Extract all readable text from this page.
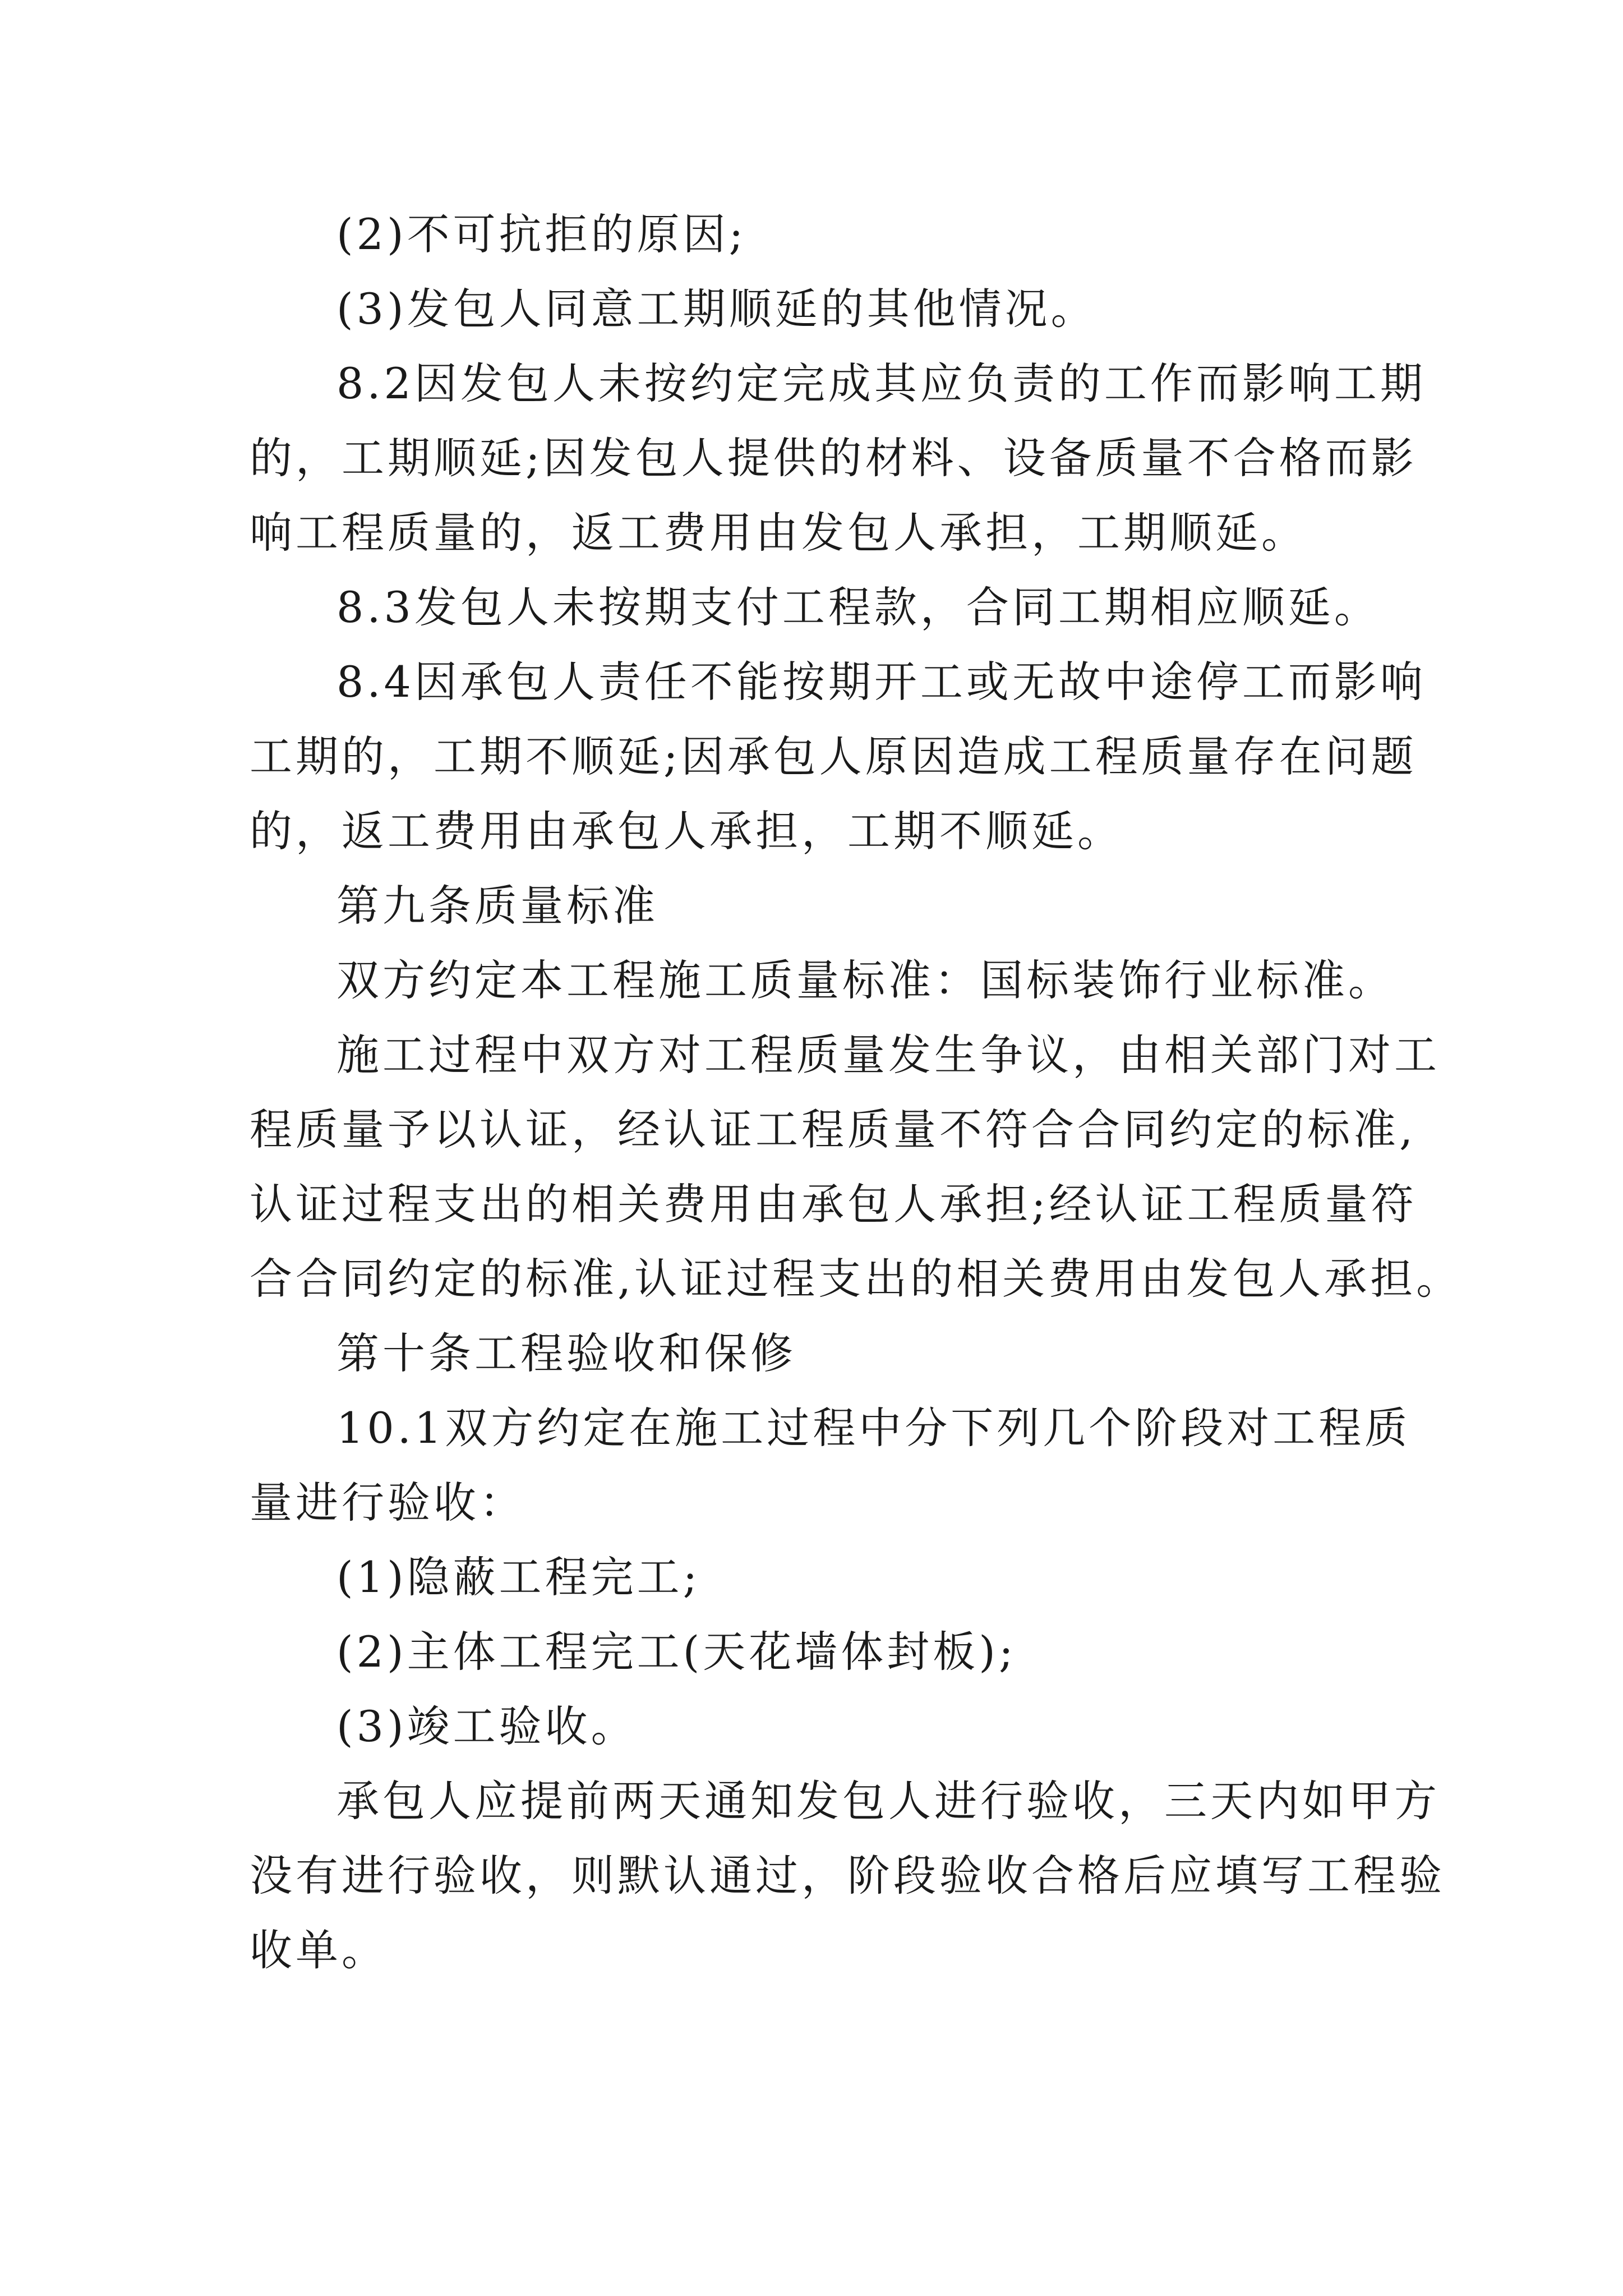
(2)不可抗拒的原因;
(3)发包人同意工期顺延的其他情况。
8.2因发包人未按约定完成其应负责的工作而影响工期
的，工期顺延;因发包人提供的材料、设备质量不合格而影
响工程质量的，返工费用由发包人承担，工期顺延。
8.3发包人未按期支付工程款，合同工期相应顺延。
8.4因承包人责任不能按期开工或无故中途停工而影响
工期的，工期不顺延;因承包人原因造成工程质量存在问题
的，返工费用由承包人承担，工期不顺延。
第九条质量标准
双方约定本工程施工质量标准：国标装饰行业标准。
施工过程中双方对工程质量发生争议，由相关部门对工
程质量予以认证，经认证工程质量不符合合同约定的标准,
认证过程支出的相关费用由承包人承担;经认证工程质量符
合合同约定的标准,认证过程支出的相关费用由发包人承担。
第十条工程验收和保修
10.1双方约定在施工过程中分下列几个阶段对工程质
量进行验收：
(1)隐蔽工程完工;
(2)主体工程完工(天花墙体封板);
(3)竣工验收。
承包人应提前两天通知发包人进行验收，三天内如甲方
没有进行验收，则默认通过，阶段验收合格后应填写工程验
收单。
